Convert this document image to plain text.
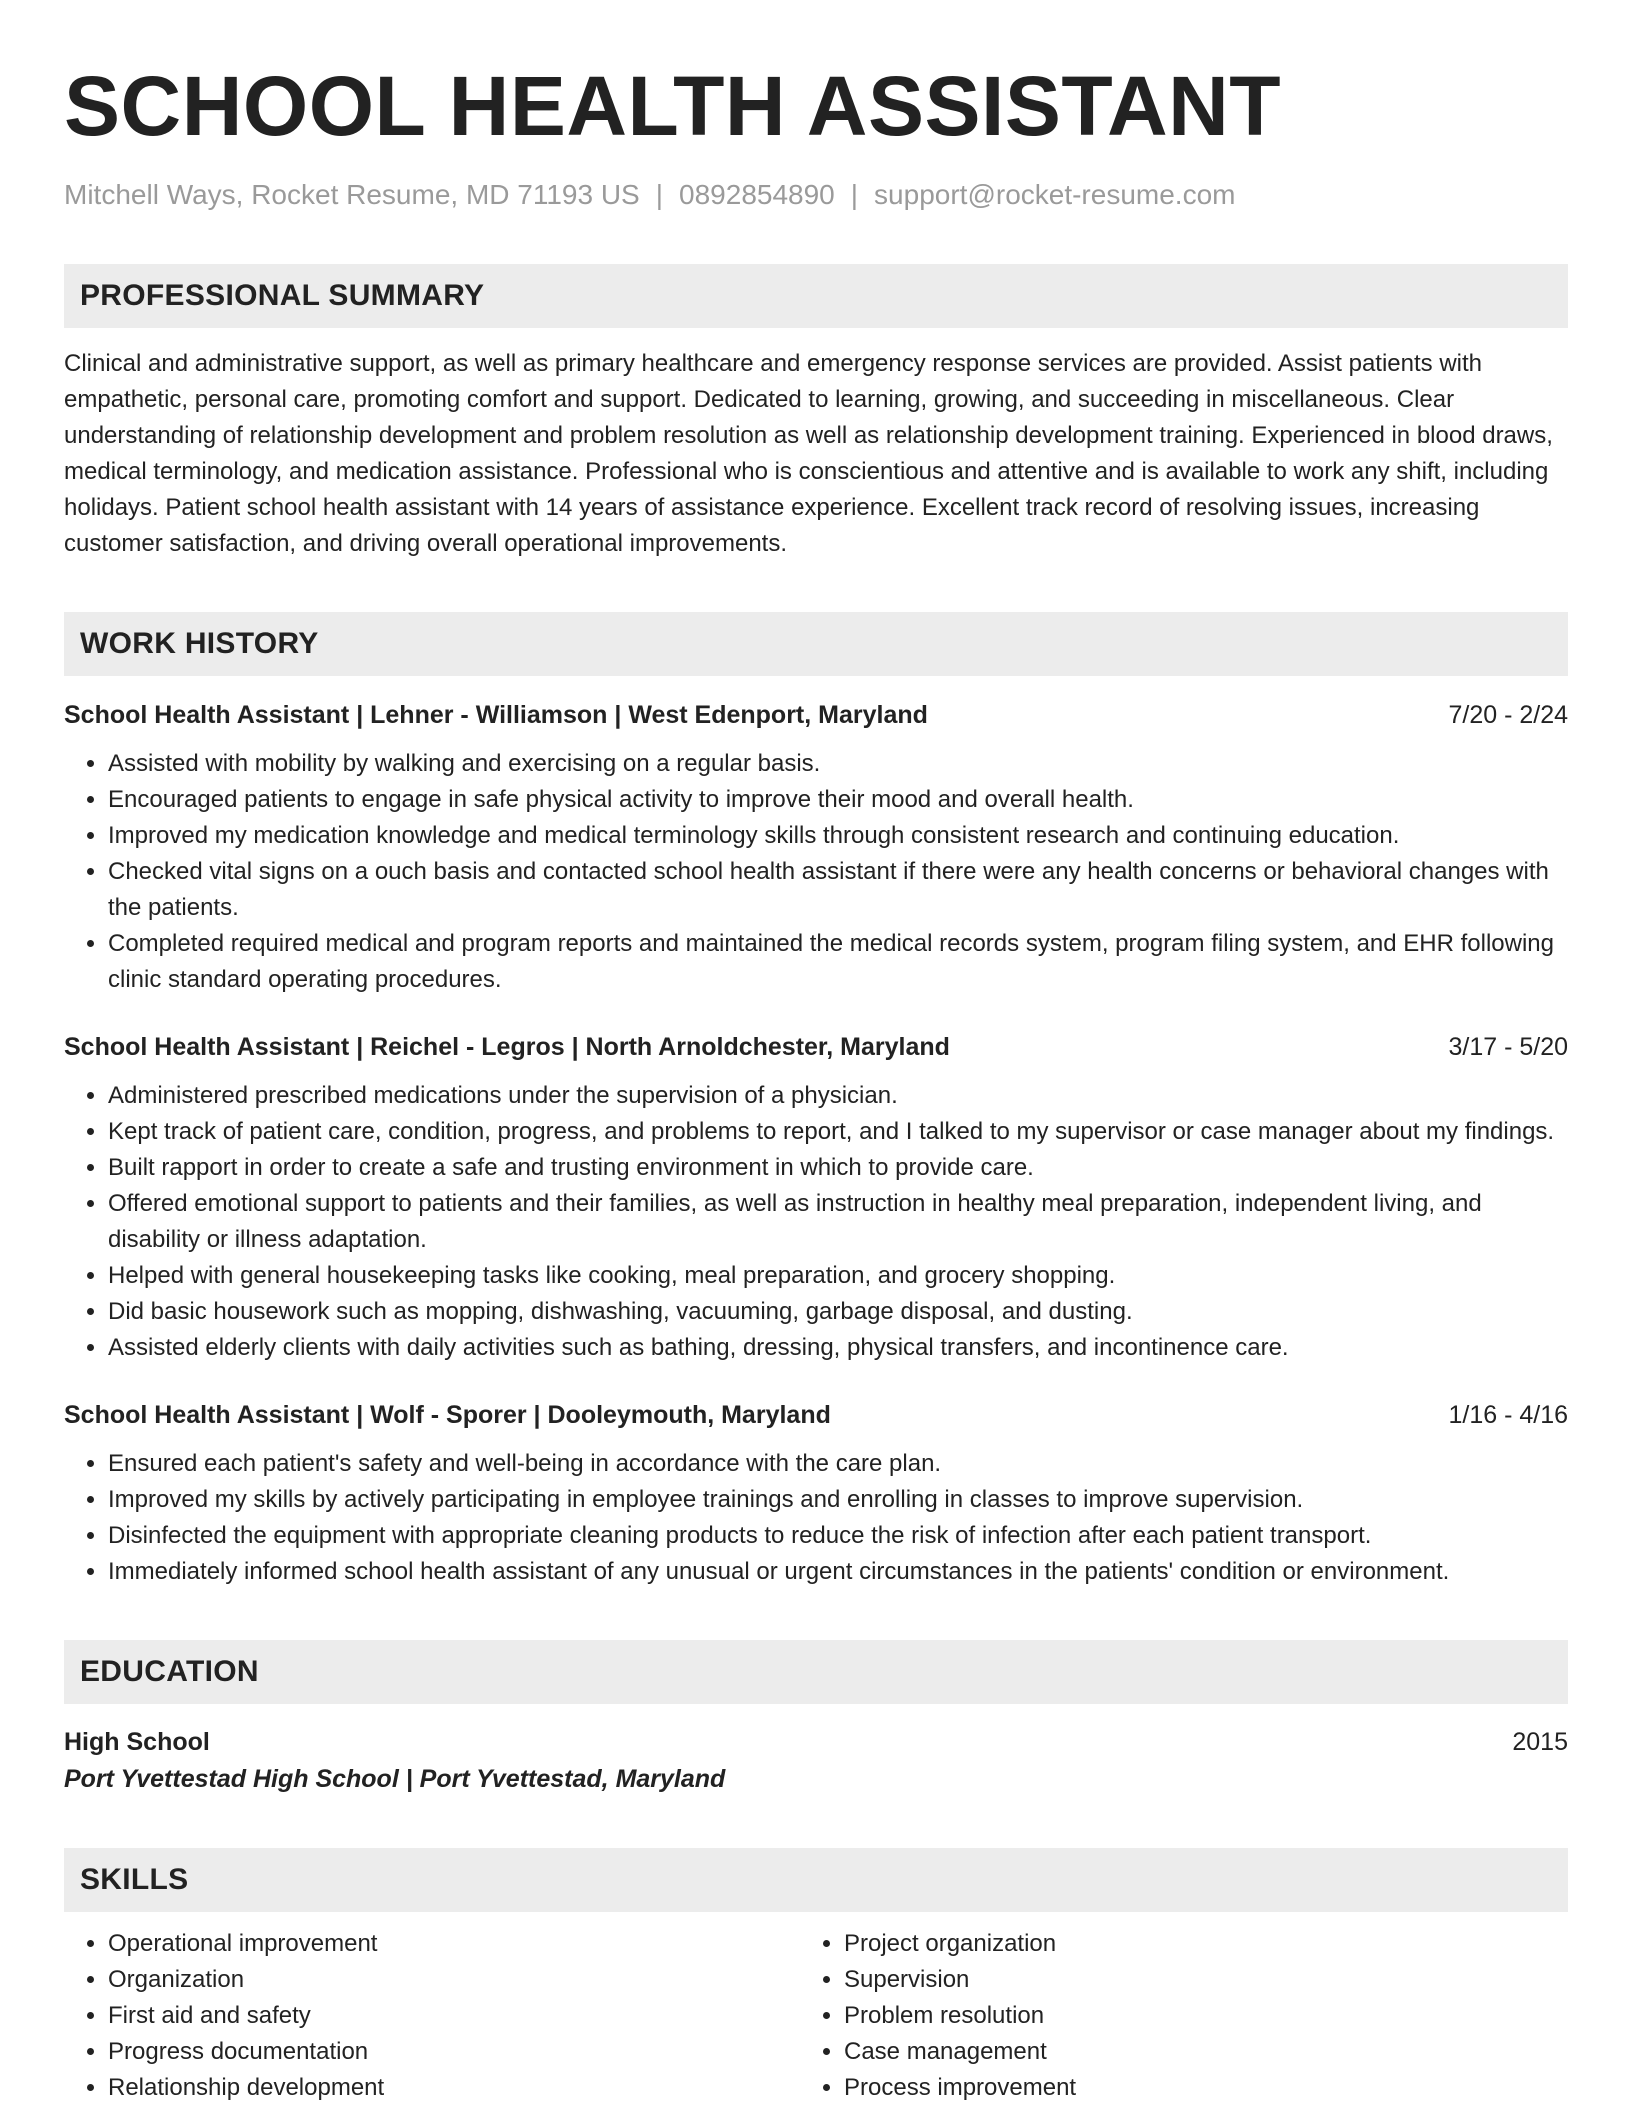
SCHOOL HEALTH ASSISTANT
Mitchell Ways, Rocket Resume, MD 71193 US | 0892854890 | support@rocket-resume.com
PROFESSIONAL SUMMARY
Clinical and administrative support, as well as primary healthcare and emergency response services are provided. Assist patients with empathetic, personal care, promoting comfort and support. Dedicated to learning, growing, and succeeding in miscellaneous. Clear understanding of relationship development and problem resolution as well as relationship development training. Experienced in blood draws, medical terminology, and medication assistance. Professional who is conscientious and attentive and is available to work any shift, including holidays. Patient school health assistant with 14 years of assistance experience. Excellent track record of resolving issues, increasing customer satisfaction, and driving overall operational improvements.
WORK HISTORY
School Health Assistant | Lehner - Williamson | West Edenport, Maryland	7/20 - 2/24
• Assisted with mobility by walking and exercising on a regular basis.
• Encouraged patients to engage in safe physical activity to improve their mood and overall health.
• Improved my medication knowledge and medical terminology skills through consistent research and continuing education.
• Checked vital signs on a ouch basis and contacted school health assistant if there were any health concerns or behavioral changes with the patients.
• Completed required medical and program reports and maintained the medical records system, program filing system, and EHR following clinic standard operating procedures.
School Health Assistant | Reichel - Legros | North Arnoldchester, Maryland	3/17 - 5/20
• Administered prescribed medications under the supervision of a physician.
• Kept track of patient care, condition, progress, and problems to report, and I talked to my supervisor or case manager about my findings.
• Built rapport in order to create a safe and trusting environment in which to provide care.
• Offered emotional support to patients and their families, as well as instruction in healthy meal preparation, independent living, and disability or illness adaptation.
• Helped with general housekeeping tasks like cooking, meal preparation, and grocery shopping.
• Did basic housework such as mopping, dishwashing, vacuuming, garbage disposal, and dusting.
• Assisted elderly clients with daily activities such as bathing, dressing, physical transfers, and incontinence care.
School Health Assistant | Wolf - Sporer | Dooleymouth, Maryland	1/16 - 4/16
• Ensured each patient's safety and well-being in accordance with the care plan.
• Improved my skills by actively participating in employee trainings and enrolling in classes to improve supervision.
• Disinfected the equipment with appropriate cleaning products to reduce the risk of infection after each patient transport.
• Immediately informed school health assistant of any unusual or urgent circumstances in the patients' condition or environment.
EDUCATION
High School	2015
Port Yvettestad High School | Port Yvettestad, Maryland
SKILLS
• Operational improvement
• Organization
• First aid and safety
• Progress documentation
• Relationship development
• Project organization
• Supervision
• Problem resolution
• Case management
• Process improvement
